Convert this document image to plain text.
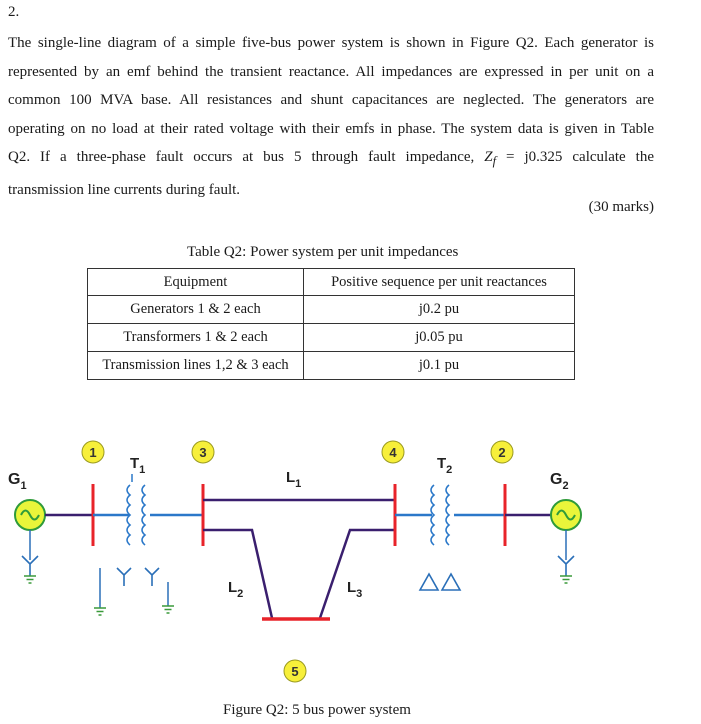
2.
The single-line diagram of a simple five-bus power system is shown in Figure Q2. Each generator is
represented by an emf behind the transient reactance. All impedances are expressed in per unit on a
common 100 MVA base. All resistances and shunt capacitances are neglected. The generators are
operating on no load at their rated voltage with their emfs in phase. The system data is given in Table
Q2. If a three-phase fault occurs at bus 5 through fault impedance, $Z_f = j0.325$ calculate the
transmission line currents during fault.
(30 marks)
Table Q2: Power system per unit impedances
Equipment	Positive sequence per unit reactances
Generators 1 & 2 each	j0.2 pu
Transformers 1 & 2 each	j0.05 pu
Transmission lines 1,2 & 3 each	j0.1 pu
$G_1$
1
$T_1$
3
$L_1$
$L_2$	$L_3$
5
4
$T_2$
2
$G_2$
Figure Q2: 5 bus power system
